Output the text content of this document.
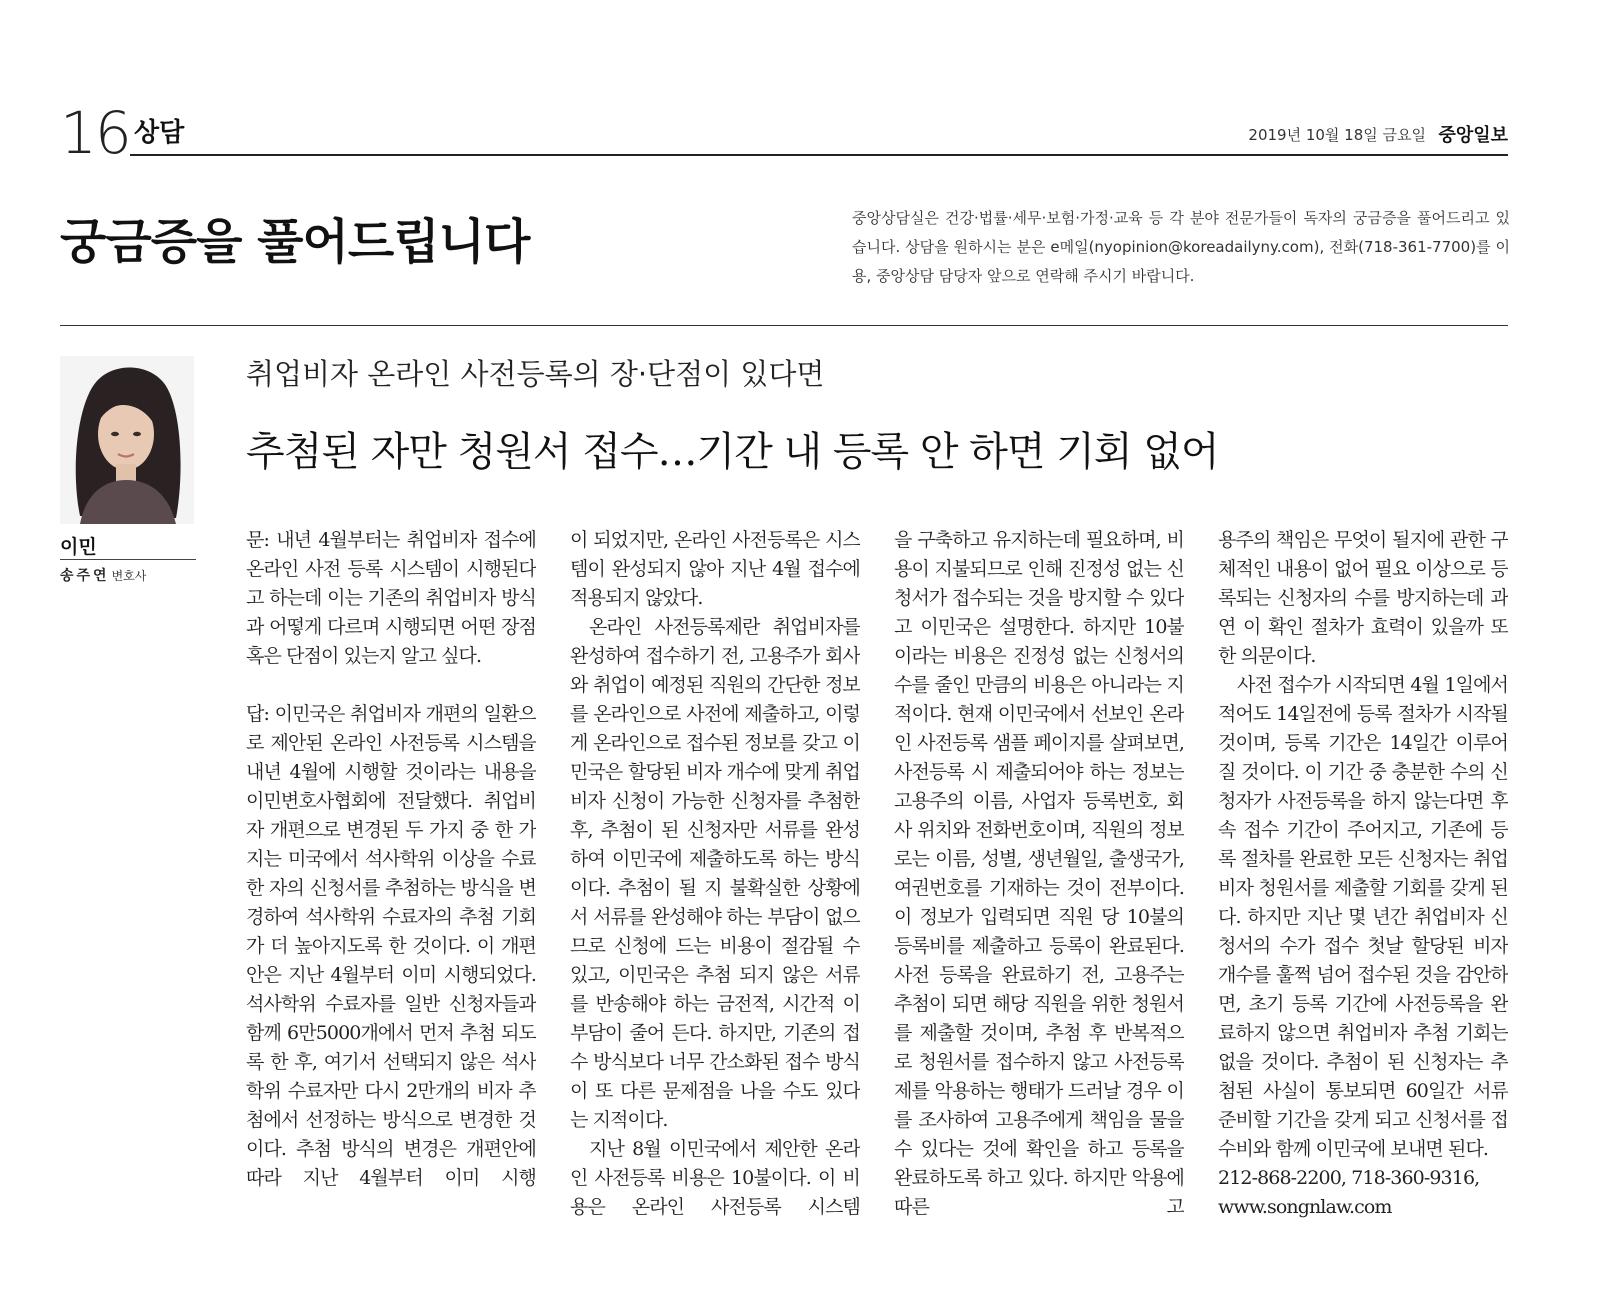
16 상담	2019년 10월 18일 금요일 중앙일보
궁금증을 풀어드립니다	중앙상담실은 건강·법률·세무·보험·가정·교육 등 각 분야 전문가들이 독자의 궁금증을 풀어드리고 있습니다. 상담을 원하시는 분은 e메일(nyopinion@koreadailyny.com), 전화(718-361-7700)를 이용, 중앙상담 담당자 앞으로 연락해 주시기 바랍니다.
이민
송주연 변호사
취업비자 온라인 사전등록의 장·단점이 있다면
추첨된 자만 청원서 접수…기간 내 등록 안 하면 기회 없어

문: 내년 4월부터는 취업비자 접수에 온라인 사전 등록 시스템이 시행된다고 하는데 이는 기존의 취업비자 방식과 어떻게 다르며 시행되면 어떤 장점 혹은 단점이 있는지 알고 싶다.

답: 이민국은 취업비자 개편의 일환으로 제안된 온라인 사전등록 시스템을 내년 4월에 시행할 것이라는 내용을 이민변호사협회에 전달했다. 취업비자 개편으로 변경된 두 가지 중 한 가지는 미국에서 석사학위 이상을 수료한 자의 신청서를 추첨하는 방식을 변경하여 석사학위 수료자의 추첨 기회가 더 높아지도록 한 것이다. 이 개편안은 지난 4월부터 이미 시행되었다. 석사학위 수료자를 일반 신청자들과 함께 6만5000개에서 먼저 추첨 되도록 한 후, 여기서 선택되지 않은 석사학위 수료자만 다시 2만개의 비자 추첨에서 선정하는 방식으로 변경한 것이다. 추첨 방식의 변경은 개편안에 따라 지난 4월부터 이미 시행

이 되었지만, 온라인 사전등록은 시스템이 완성되지 않아 지난 4월 접수에 적용되지 않았다.

온라인 사전등록제란 취업비자를 완성하여 접수하기 전, 고용주가 회사와 취업이 예정된 직원의 간단한 정보를 온라인으로 사전에 제출하고, 이렇게 온라인으로 접수된 정보를 갖고 이민국은 할당된 비자 개수에 맞게 취업비자 신청이 가능한 신청자를 추첨한 후, 추첨이 된 신청자만 서류를 완성하여 이민국에 제출하도록 하는 방식이다. 추첨이 될 지 불확실한 상황에서 서류를 완성해야 하는 부담이 없으므로 신청에 드는 비용이 절감될 수 있고, 이민국은 추첨 되지 않은 서류를 반송해야 하는 금전적, 시간적 이 부담이 줄어 든다. 하지만, 기존의 접수 방식보다 너무 간소화된 접수 방식이 또 다른 문제점을 나을 수도 있다는 지적이다.

지난 8월 이민국에서 제안한 온라인 사전등록 비용은 10불이다. 이 비용은 온라인 사전등록 시스템

을 구축하고 유지하는데 필요하며, 비용이 지불되므로 인해 진정성 없는 신청서가 접수되는 것을 방지할 수 있다고 이민국은 설명한다. 하지만 10불이라는 비용은 진정성 없는 신청서의 수를 줄인 만큼의 비용은 아니라는 지적이다. 현재 이민국에서 선보인 온라인 사전등록 샘플 페이지를 살펴보면, 사전등록 시 제출되어야 하는 정보는 고용주의 이름, 사업자 등록번호, 회사 위치와 전화번호이며, 직원의 정보로는 이름, 성별, 생년월일, 출생국가, 여권번호를 기재하는 것이 전부이다. 이 정보가 입력되면 직원 당 10불의 등록비를 제출하고 등록이 완료된다. 사전 등록을 완료하기 전, 고용주는 추첨이 되면 해당 직원을 위한 청원서를 제출할 것이며, 추첨 후 반복적으로 청원서를 접수하지 않고 사전등록제를 악용하는 행태가 드러날 경우 이를 조사하여 고용주에게 책임을 물을 수 있다는 것에 확인을 하고 등록을 완료하도록 하고 있다. 하지만 악용에 따른 고

용주의 책임은 무엇이 될지에 관한 구체적인 내용이 없어 필요 이상으로 등록되는 신청자의 수를 방지하는데 과연 이 확인 절차가 효력이 있을까 또한 의문이다.

사전 접수가 시작되면 4월 1일에서 적어도 14일전에 등록 절차가 시작될 것이며, 등록 기간은 14일간 이루어 질 것이다. 이 기간 중 충분한 수의 신청자가 사전등록을 하지 않는다면 후속 접수 기간이 주어지고, 기존에 등록 절차를 완료한 모든 신청자는 취업비자 청원서를 제출할 기회를 갖게 된다. 하지만 지난 몇 년간 취업비자 신청서의 수가 접수 첫날 할당된 비자 개수를 훌쩍 넘어 접수된 것을 감안하면, 초기 등록 기간에 사전등록을 완료하지 않으면 취업비자 추첨 기회는 없을 것이다. 추첨이 된 신청자는 추첨된 사실이 통보되면 60일간 서류 준비할 기간을 갖게 되고 신청서를 접수비와 함께 이민국에 보내면 된다.

212-868-2200, 718-360-9316,

www.songnlaw.com
